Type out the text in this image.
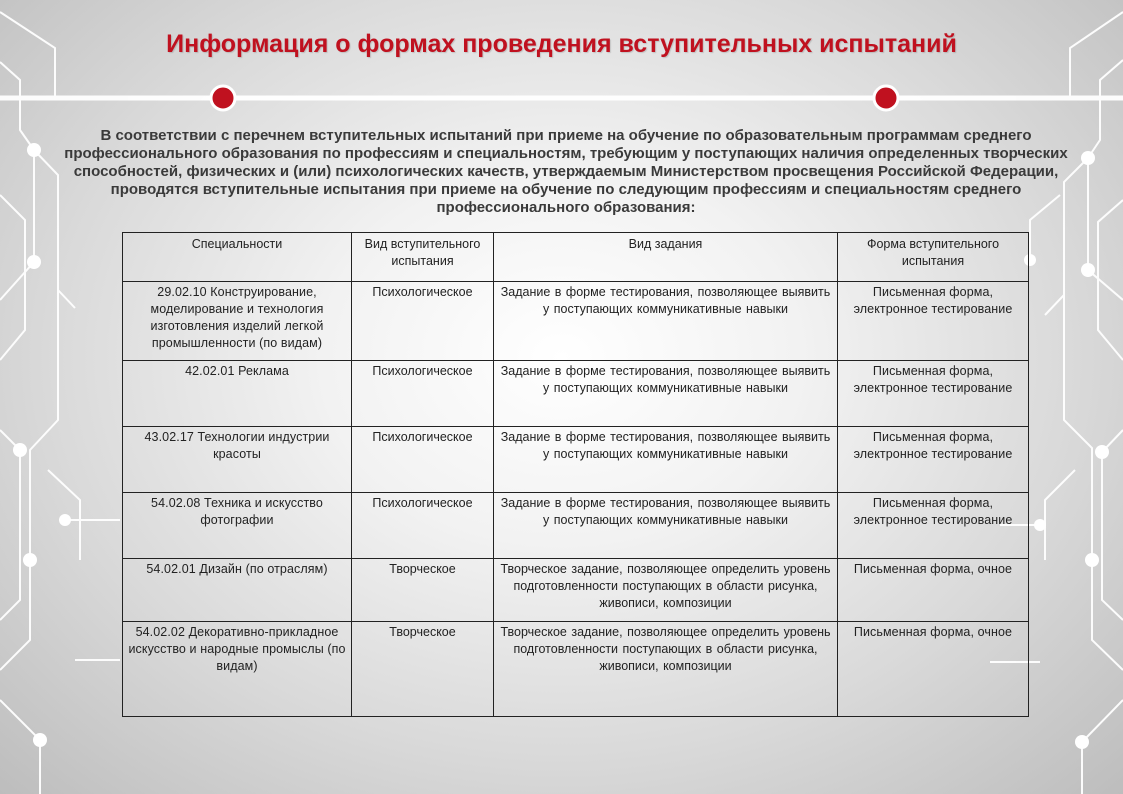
Информация о формах проведения вступительных испытаний

В соответствии с перечнем вступительных испытаний при приеме на обучение по образовательным программам среднего профессионального образования по профессиям и специальностям, требующим у поступающих наличия определенных творческих способностей, физических и (или) психологических качеств, утверждаемым Министерством просвещения Российской Федерации, проводятся вступительные испытания при приеме на обучение по следующим профессиям и специальностям среднего профессионального образования:

Специальности	Вид вступительного испытания	Вид задания	Форма вступительного испытания
29.02.10 Конструирование, моделирование и технология изготовления изделий легкой промышленности (по видам)	Психологическое	Задание в форме тестирования, позволяющее выявить у поступающих коммуникативные навыки	Письменная форма, электронное тестирование
42.02.01 Реклама	Психологическое	Задание в форме тестирования, позволяющее выявить у поступающих коммуникативные навыки	Письменная форма, электронное тестирование
43.02.17 Технологии индустрии красоты	Психологическое	Задание в форме тестирования, позволяющее выявить у поступающих коммуникативные навыки	Письменная форма, электронное тестирование
54.02.08 Техника и искусство фотографии	Психологическое	Задание в форме тестирования, позволяющее выявить у поступающих коммуникативные навыки	Письменная форма, электронное тестирование
54.02.01 Дизайн (по отраслям)	Творческое	Творческое задание, позволяющее определить уровень подготовленности поступающих в области рисунка, живописи, композиции	Письменная форма, очное
54.02.02 Декоративно-прикладное искусство и народные промыслы (по видам)	Творческое	Творческое задание, позволяющее определить уровень подготовленности поступающих в области рисунка, живописи, композиции	Письменная форма, очное
